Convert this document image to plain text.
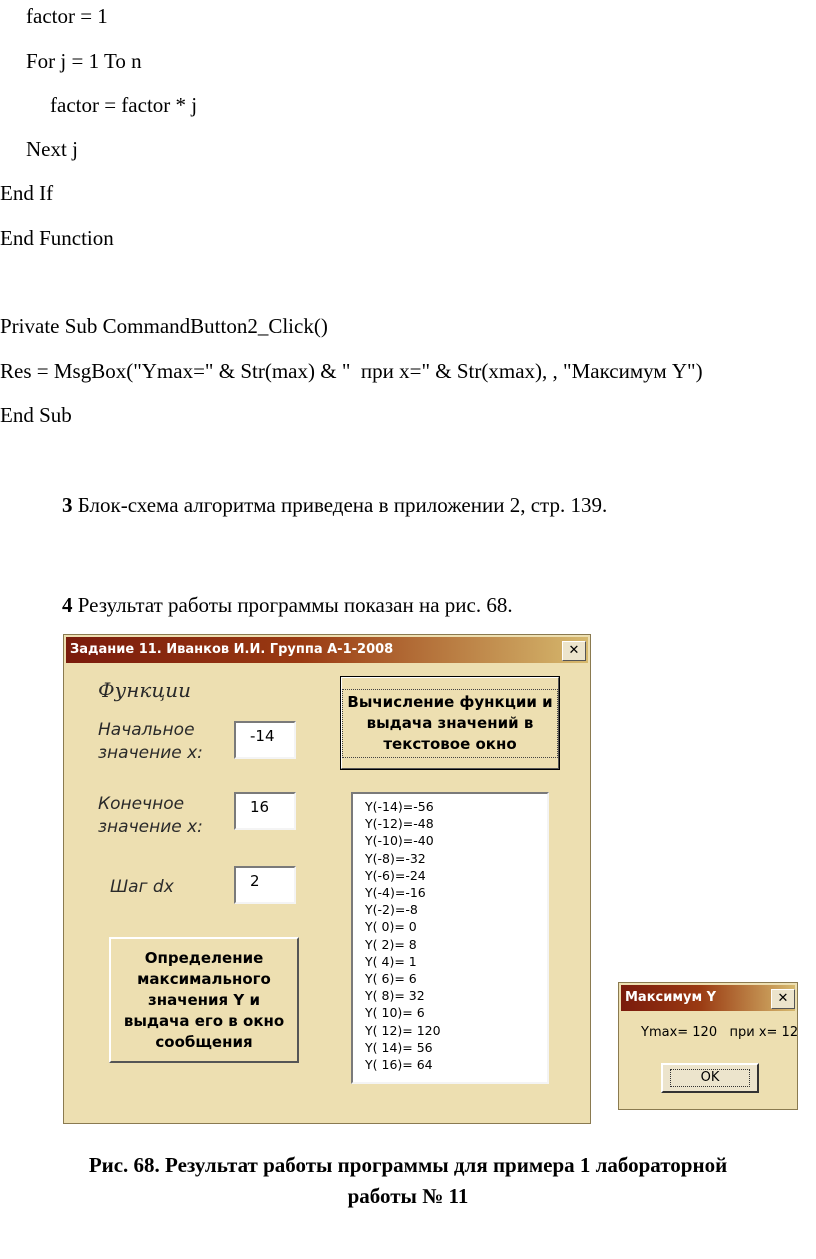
factor = 1
For j = 1 To n
factor = factor * j
Next j
End If
End Function
Private Sub CommandButton2_Click()
Res = MsgBox("Ymax=" & Str(max) & "  при x=" & Str(xmax), , "Максимум Y")
End Sub
3 Блок-схема алгоритма приведена в приложении 2, стр. 139.
4 Результат работы программы показан на рис. 68.
Задание 11. Иванков И.И. Группа А-1-2008	✕
Функции
Начальное
значение х:
-14
Конечное
значение х:
16
Шаг dx	2
Вычисление функции и
выдача значений в
текстовое окно
Определение
максимального
значения Y и
выдача его в окно
сообщения
Y(-14)=-56
Y(-12)=-48
Y(-10)=-40
Y(-8)=-32
Y(-6)=-24
Y(-4)=-16
Y(-2)=-8
Y( 0)= 0
Y( 2)= 8
Y( 4)= 1
Y( 6)= 6
Y( 8)= 32
Y( 10)= 6
Y( 12)= 120
Y( 14)= 56
Y( 16)= 64
Максимум Y	✕
Ymax= 120   при x= 12
OK
Рис. 68. Результат работы программы для примера 1 лабораторной
работы № 11
